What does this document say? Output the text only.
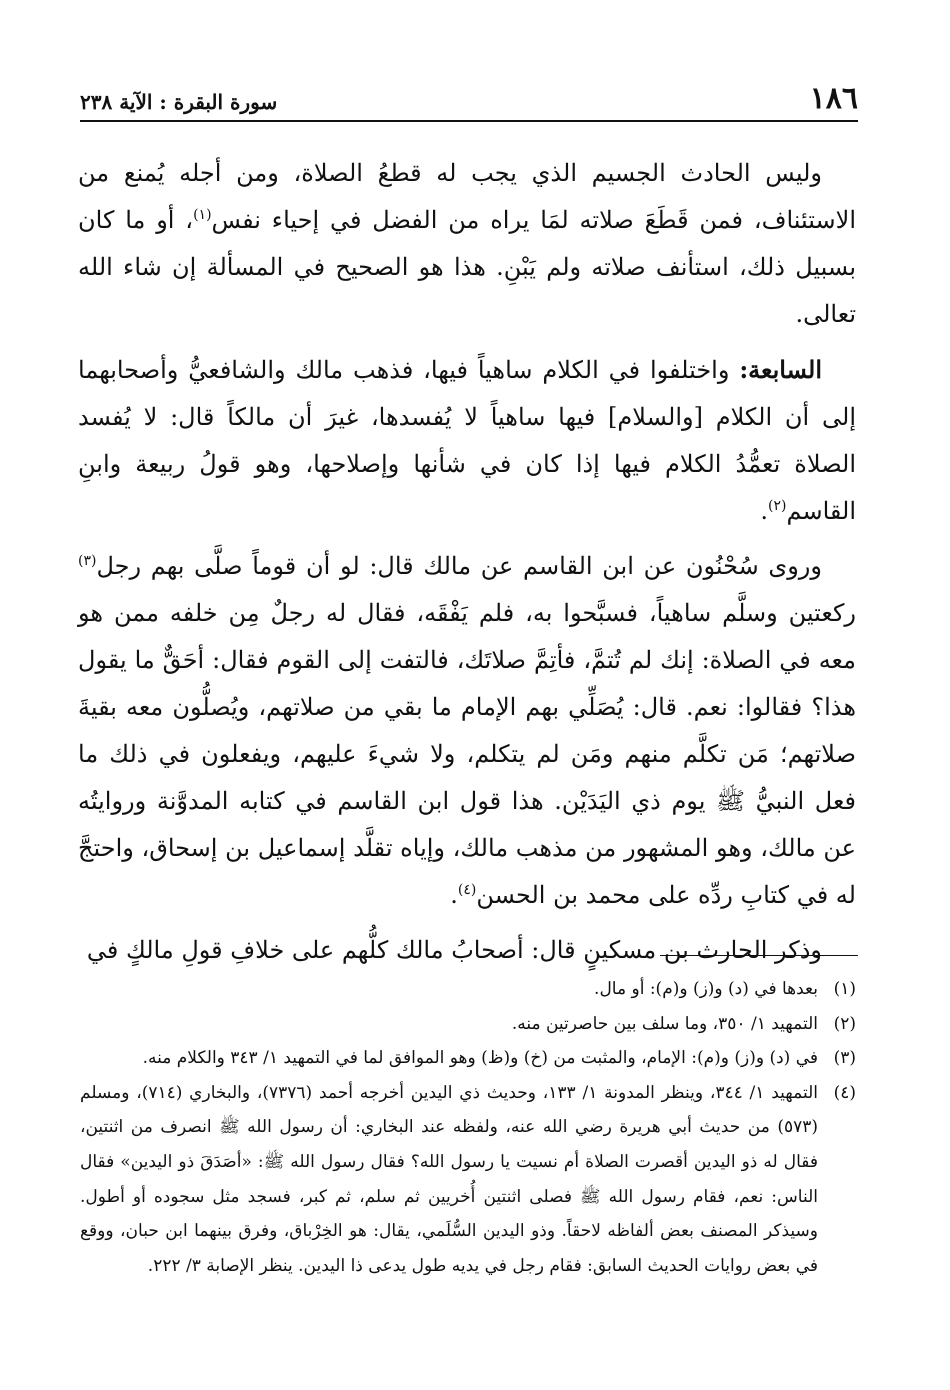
١٨٦
سورة البقرة : الآية ٢٣٨

وليس الحادث الجسيم الذي يجب له قطعُ الصلاة، ومن أجله يُمنع من الاستئناف، فمن قَطَعَ صلاته لمَا يراه من الفضل في إحياء نفس$^{(١)}$، أو ما كان بسبيل ذلك، استأنف صلاته ولم يَبْنِ. هذا هو الصحيح في المسألة إن شاء الله تعالى.

السابعة: واختلفوا في الكلام ساهياً فيها، فذهب مالك والشافعيُّ وأصحابهما إلى أن الكلام [والسلام] فيها ساهياً لا يُفسدها، غيرَ أن مالكاً قال: لا يُفسد الصلاة تعمُّدُ الكلام فيها إذا كان في شأنها وإصلاحها، وهو قولُ ربيعة وابنِ القاسم$^{(٢)}$.

وروى سُحْنُون عن ابن القاسم عن مالك قال: لو أن قوماً صلَّى بهم رجل$^{(٣)}$ ركعتين وسلَّم ساهياً، فسبَّحوا به، فلم يَفْقَه، فقال له رجلٌ مِن خلفه ممن هو معه في الصلاة: إنك لم تُتمَّ، فأتِمَّ صلاتَك، فالتفت إلى القوم فقال: أحَقٌّ ما يقول هذا؟ فقالوا: نعم. قال: يُصَلِّي بهم الإمام ما بقي من صلاتهم، ويُصلُّون معه بقيةَ صلاتهم؛ مَن تكلَّم منهم ومَن لم يتكلم، ولا شيءَ عليهم، ويفعلون في ذلك ما فعل النبيُّ ﷺ يوم ذي اليَدَيْن. هذا قول ابن القاسم في كتابه المدوَّنة وروايتُه عن مالك، وهو المشهور من مذهب مالك، وإياه تقلَّد إسماعيل بن إسحاق، واحتجَّ له في كتابِ ردِّه على محمد بن الحسن$^{(٤)}$.

وذكر الحارث بن مسكينٍ قال: أصحابُ مالك كلُّهم على خلافِ قولِ مالكٍ في

(١)
بعدها في (د) و(ز) و(م): أو مال.
(٢)
التمهيد ١/ ٣٥٠، وما سلف بين حاصرتين منه.
(٣)
في (د) و(ز) و(م): الإمام، والمثبت من (خ) و(ظ) وهو الموافق لما في التمهيد ١/ ٣٤٣ والكلام منه.
(٤)
التمهيد ١/ ٣٤٤، وينظر المدونة ١/ ١٣٣، وحديث ذي اليدين أخرجه أحمد (٧٣٧٦)، والبخاري (٧١٤)، ومسلم (٥٧٣) من حديث أبي هريرة رضي الله عنه، ولفظه عند البخاري: أن رسول الله ﷺ انصرف من اثنتين، فقال له ذو اليدين أقصرت الصلاة أم نسيت يا رسول الله؟ فقال رسول الله ﷺ: «أصَدَقَ ذو اليدين» فقال الناس: نعم، فقام رسول الله ﷺ فصلى اثنتين أُخريين ثم سلم، ثم كبر، فسجد مثل سجوده أو أطول. وسيذكر المصنف بعض ألفاظه لاحقاً. وذو اليدين السُّلَمي، يقال: هو الخِرْباق، وفرق بينهما ابن حبان، ووقع في بعض روايات الحديث السابق: فقام رجل في يديه طول يدعى ذا اليدين. ينظر الإصابة ٣/ ٢٢٢.
